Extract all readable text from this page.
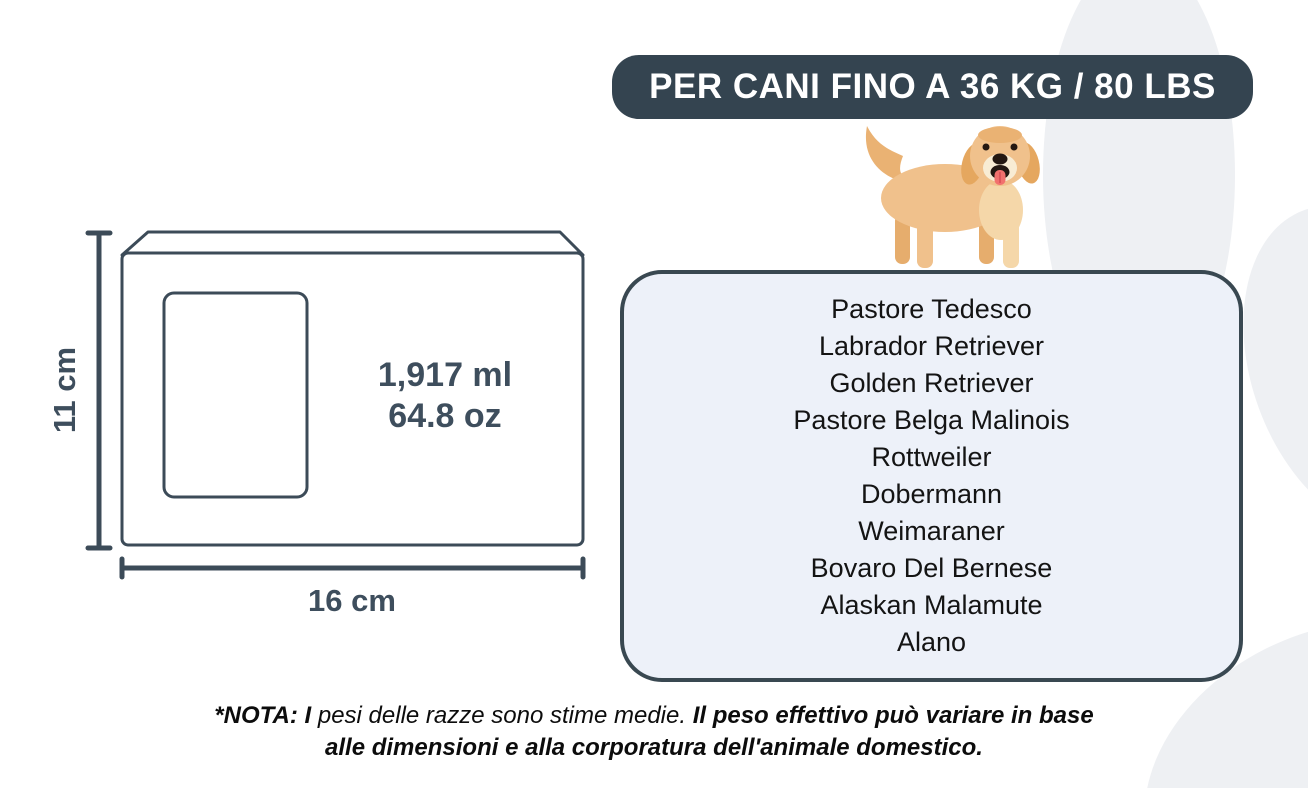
PER CANI FINO A 36 KG / 80 LBS
11 cm
16 cm
1,917 ml
64.8 oz
Pastore Tedesco
Labrador Retriever
Golden Retriever
Pastore Belga Malinois
Rottweiler
Dobermann
Weimaraner
Bovaro Del Bernese
Alaskan Malamute
Alano
*NOTA: I pesi delle razze sono stime medie. Il peso effettivo può variare in base
alle dimensioni e alla corporatura dell'animale domestico.
